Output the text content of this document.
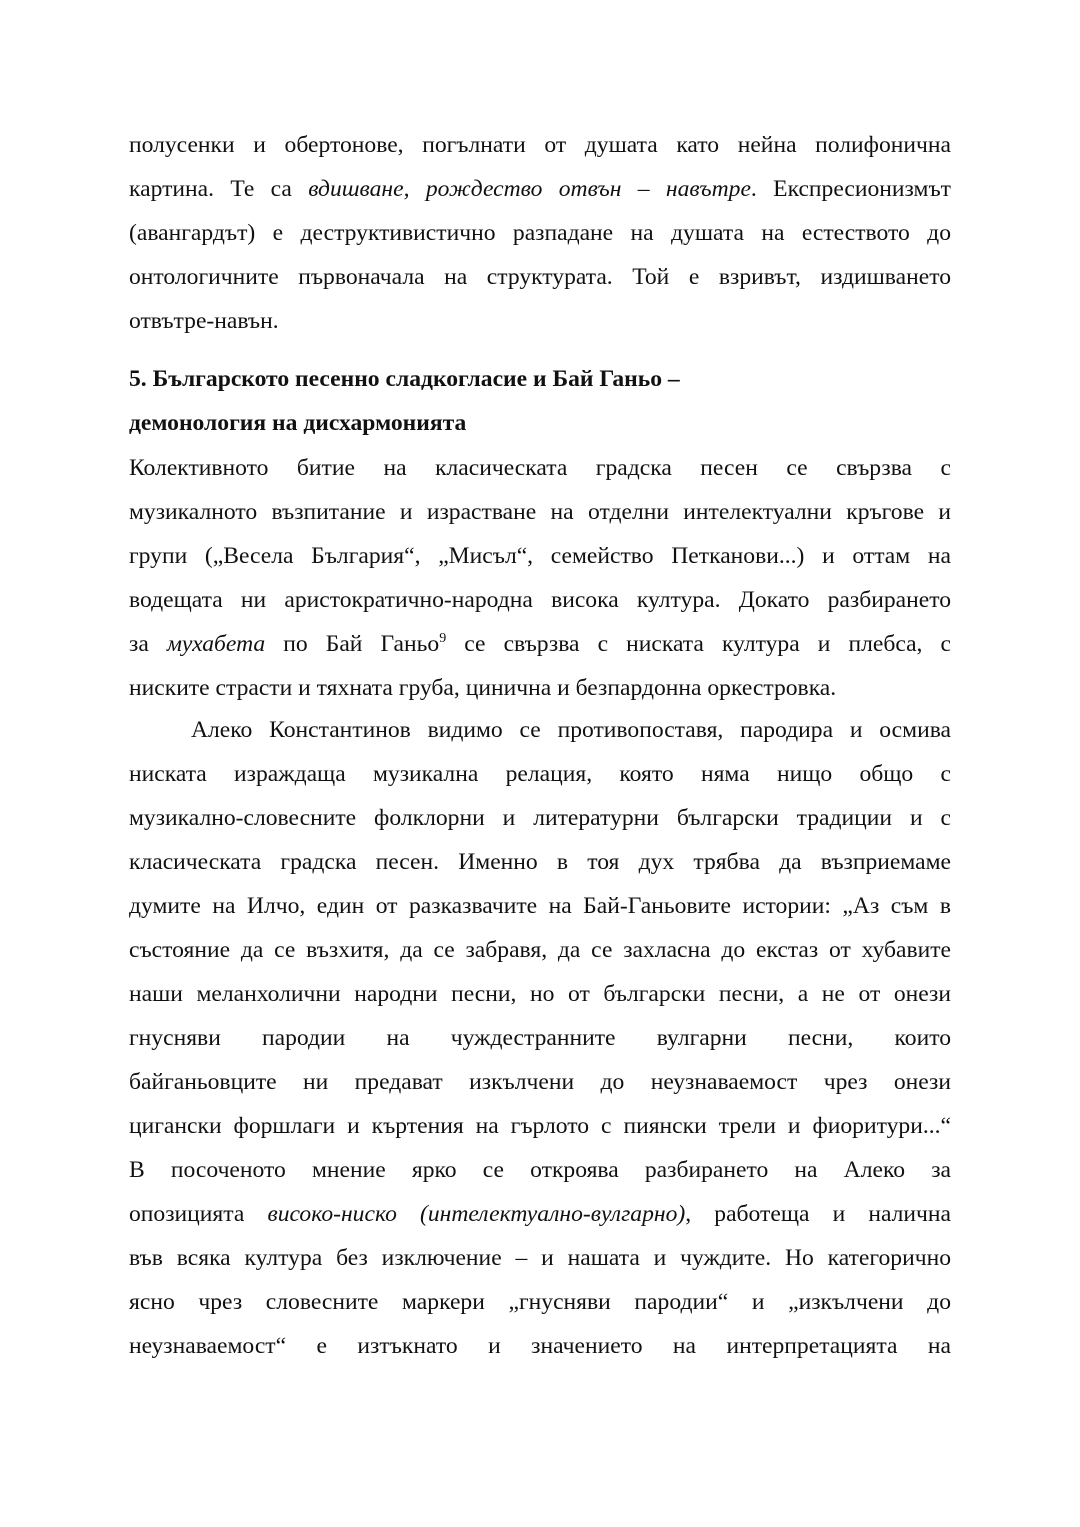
полусенки и обертонове, погълнати от душата като нейна полифонична
картина. Те са вдишване, рождество отвън – навътре. Експресионизмът
(авангардът) е деструктивистично разпадане на душата на естеството до
онтологичните първоначала на структурата. Той е взривът, издишването
отвътре-навън.
5. Българското песенно сладкогласие и Бай Ганьо –
демонология на дисхармонията
Колективното битие на класическата градска песен се свързва с
музикалното възпитание и израстване на отделни интелектуални кръгове и
групи („Весела България“, „Мисъл“, семейство Петканови...) и оттам на
водещата ни аристократично-народна висока култура. Докато разбирането
за мухабета по Бай Ганьо$^9$ се свързва с ниската култура и плебса, с
ниските страсти и тяхната груба, цинична и безпардонна оркестровка.
Алеко Константинов видимо се противопоставя, пародира и осмива
ниската израждаща музикална релация, която няма нищо общо с
музикално-словесните фолклорни и литературни български традиции и с
класическата градска песен. Именно в тоя дух трябва да възприемаме
думите на Илчо, един от разказвачите на Бай-Ганьовите истории: „Аз съм в
състояние да се възхитя, да се забравя, да се захласна до екстаз от хубавите
наши меланхолични народни песни, но от български песни, а не от онези
гнусняви пародии на чуждестранните вулгарни песни, които
байганьовците ни предават изкълчени до неузнаваемост чрез онези
цигански форшлаги и къртения на гърлото с пиянски трели и фиоритури...“
В посоченото мнение ярко се откроява разбирането на Алеко за
опозицията високо-ниско (интелектуално-вулгарно), работеща и налична
във всяка култура без изключение – и нашата и чуждите. Но категорично
ясно чрез словесните маркери „гнусняви пародии“ и „изкълчени до
неузнаваемост“ е изтъкнато и значението на интерпретацията на
